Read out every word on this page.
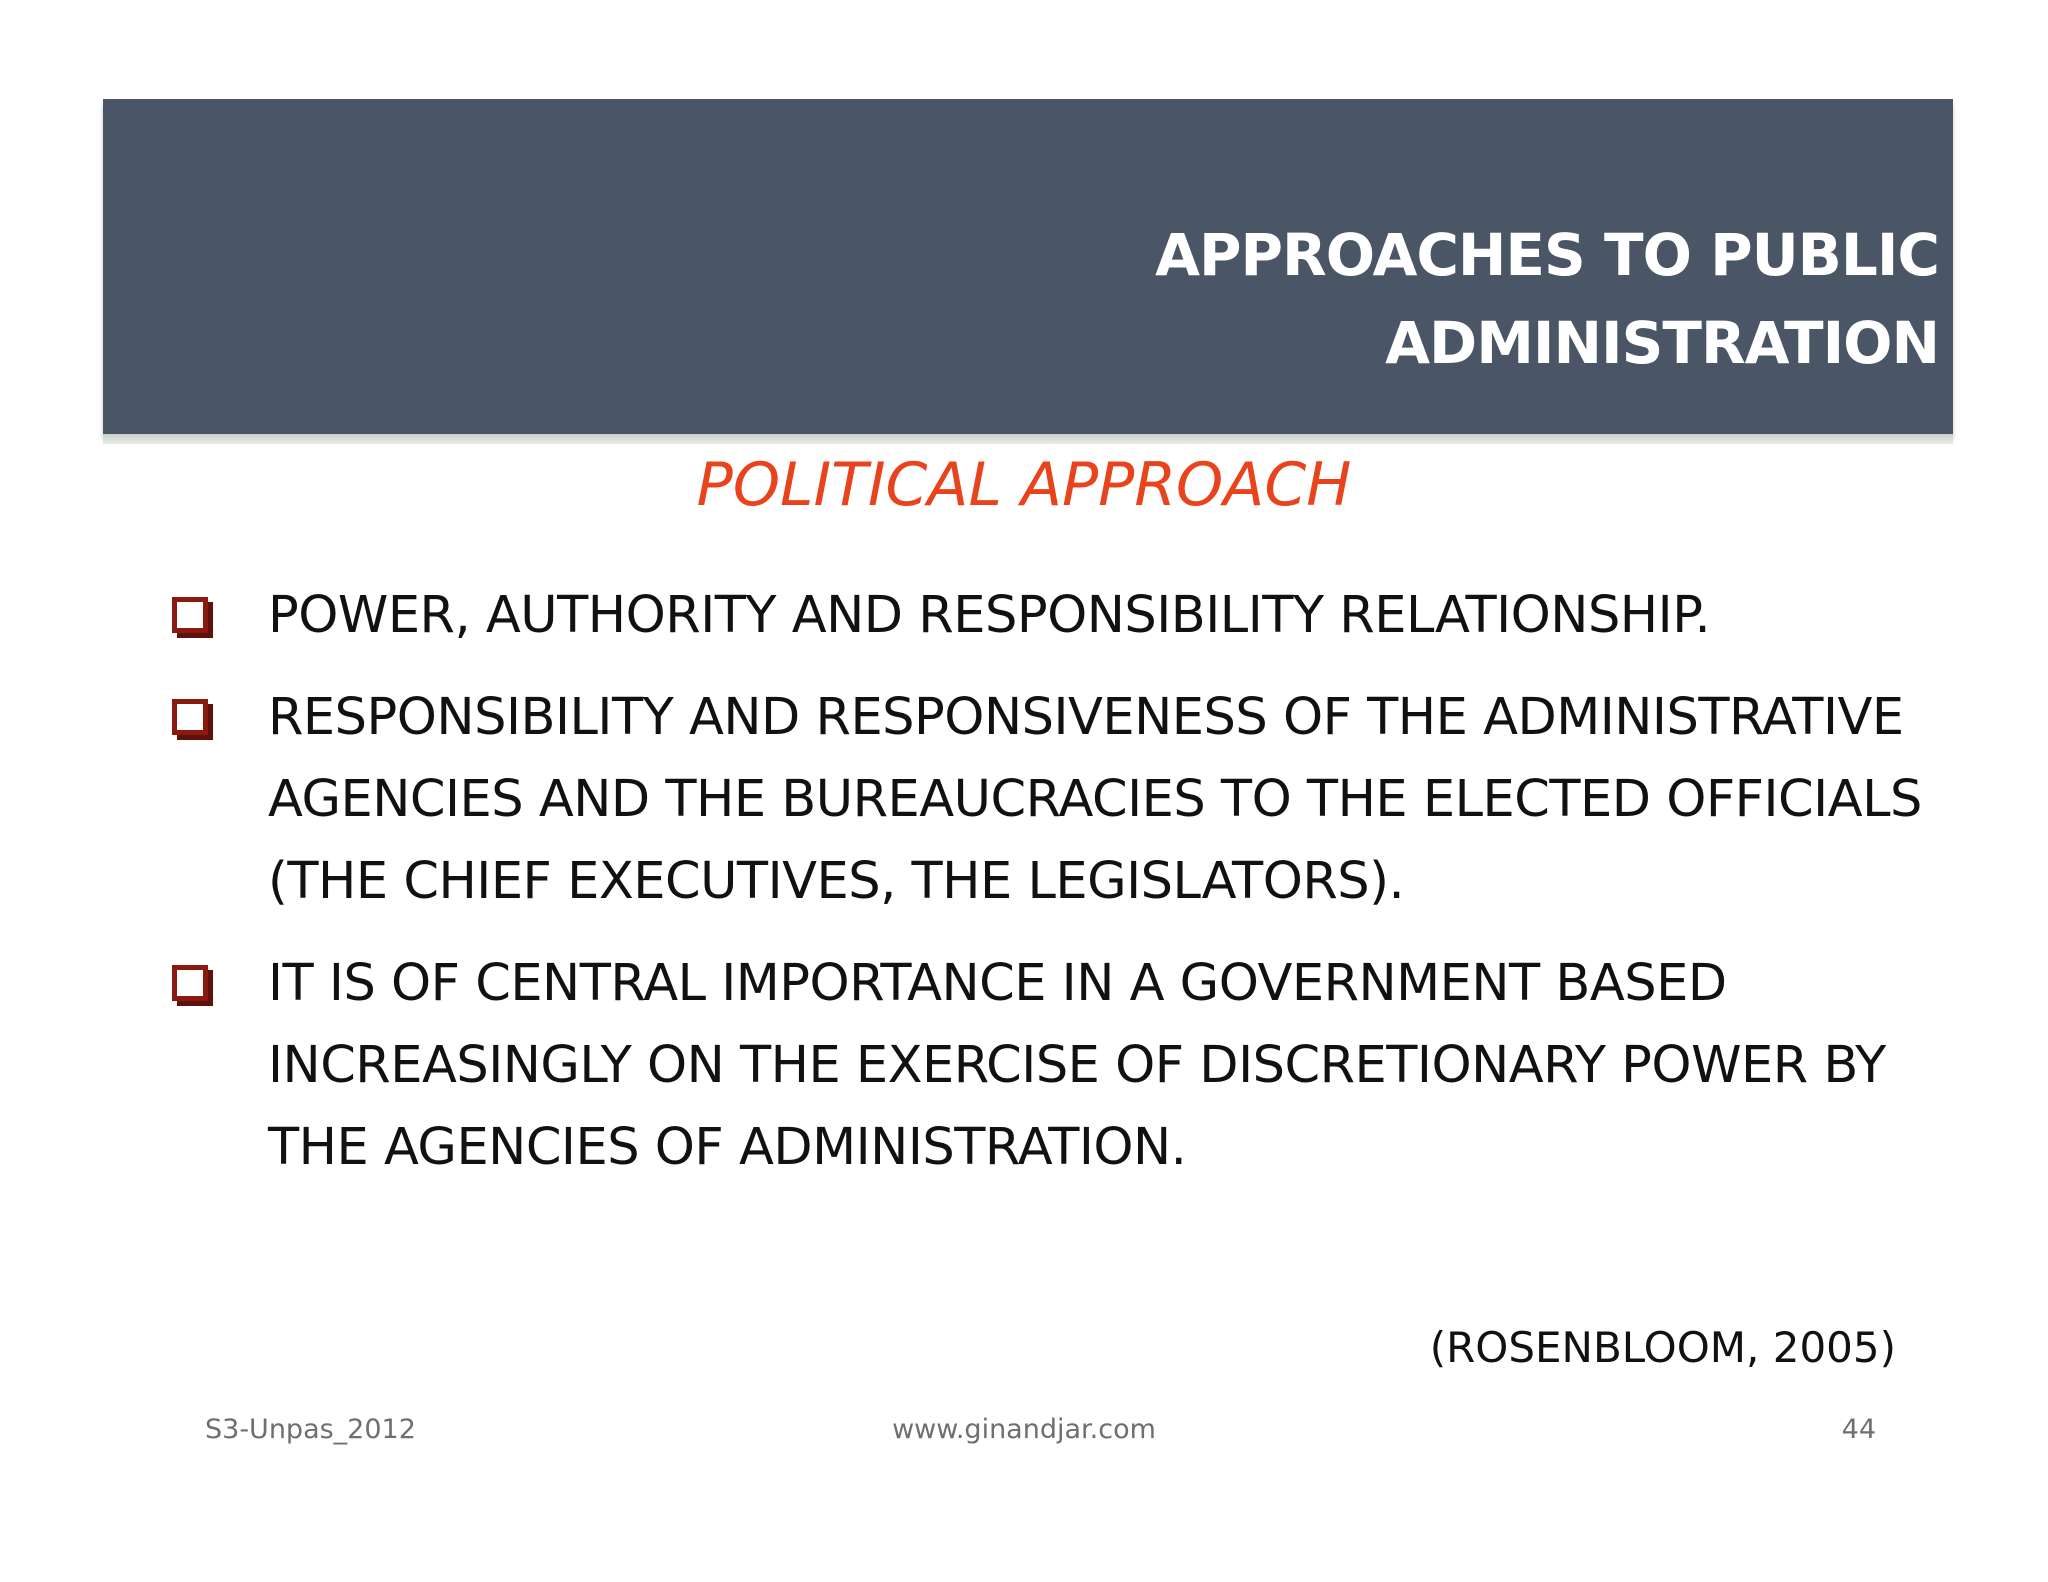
APPROACHES TO PUBLIC
ADMINISTRATION
POLITICAL APPROACH
POWER, AUTHORITY AND RESPONSIBILITY RELATIONSHIP.
RESPONSIBILITY AND RESPONSIVENESS OF THE ADMINISTRATIVE AGENCIES AND THE BUREAUCRACIES TO THE ELECTED OFFICIALS (THE CHIEF EXECUTIVES, THE LEGISLATORS).
IT IS OF CENTRAL IMPORTANCE IN A GOVERNMENT BASED INCREASINGLY ON THE EXERCISE OF DISCRETIONARY POWER BY THE AGENCIES OF ADMINISTRATION.
(ROSENBLOOM, 2005)
S3-Unpas_2012	www.ginandjar.com	44
